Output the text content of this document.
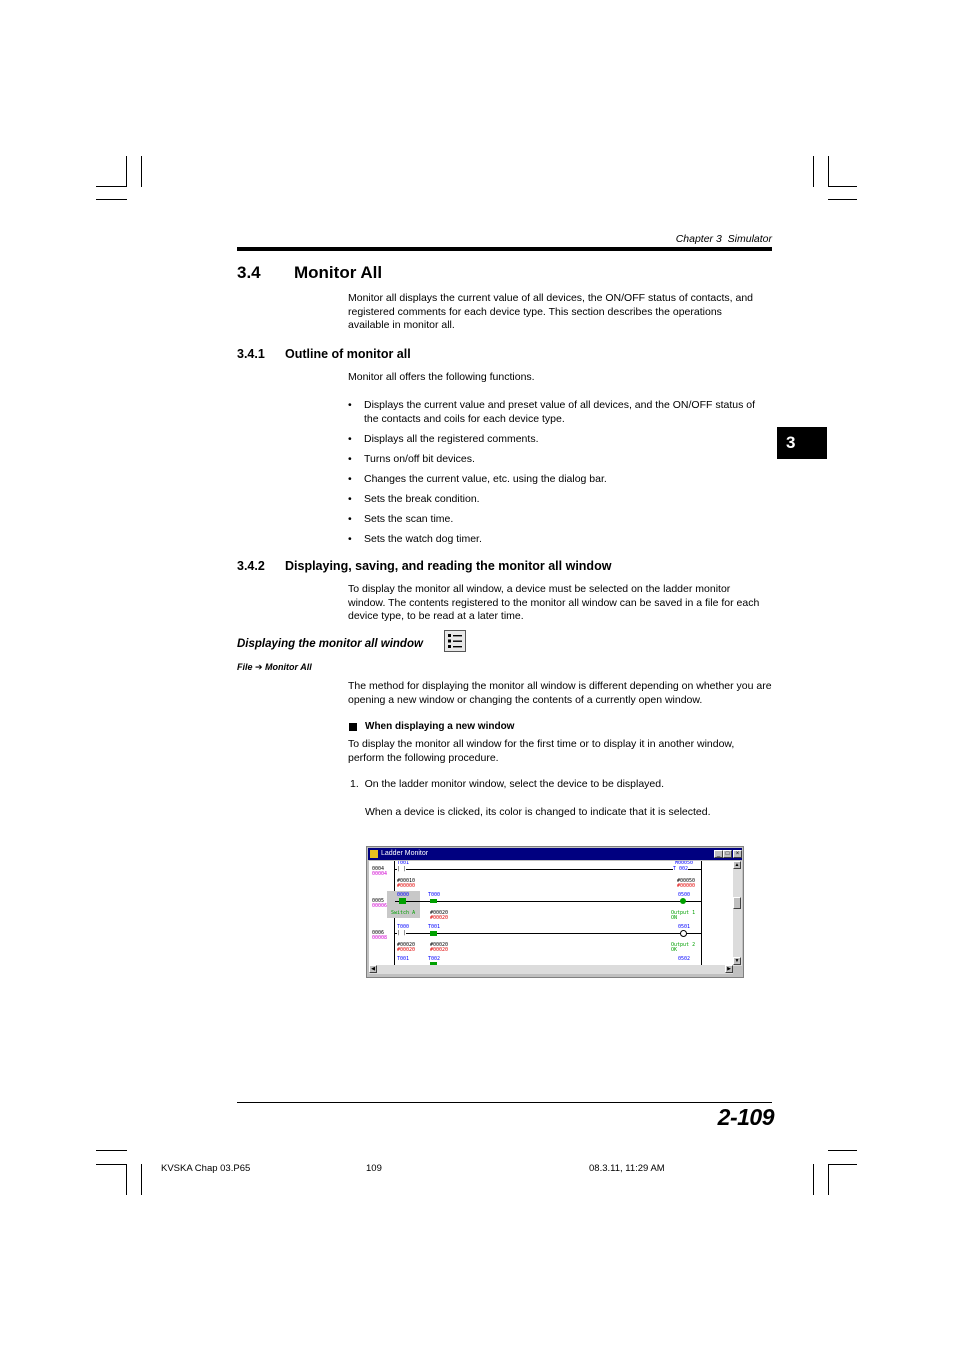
Chapter 3  Simulator
3
3.4 Monitor All
Monitor all displays the current value of all devices, the ON/OFF status of contacts, and registered comments for each device type. This section describes the operations available in monitor all.
3.4.1 Outline of monitor all
Monitor all offers the following functions.
• Displays the current value and preset value of all devices, and the ON/OFF status of the contacts and coils for each device type.
• Displays all the registered comments.
• Turns on/off bit devices.
• Changes the current value, etc. using the dialog bar.
• Sets the break condition.
• Sets the scan time.
• Sets the watch dog timer.
3.4.2 Displaying, saving, and reading the monitor all window
To display the monitor all window, a device must be selected on the ladder monitor window. The contents registered to the monitor all window can be saved in a file for each device type, to be read at a later time.
Displaying the monitor all window
File ➔ Monitor All
The method for displaying the monitor all window is different depending on whether you are opening a new window or changing the contents of a currently open window.
When displaying a new window
To display the monitor all window for the first time or to display it in another window, perform the following procedure.
1.  On the ladder monitor window, select the device to be displayed.
When a device is clicked, its color is changed to indicate that it is selected.
Ladder Monitor	_ □	×
0004
00004
0005
00006
0006
00008
T001
| |
#00010
#00000
M00050
T 002
#00050
#00000
0000
Switch A
T000
#00020
#00020
0500
Output 1
ON
T000
| |
#00020
#00020
T001
#00020
#00020
0501
Output 2
OK
T001	T002	0502
▲
▼
◀	▶
2-109
KVSKA Chap 03.P65	109	08.3.11, 11:29 AM
